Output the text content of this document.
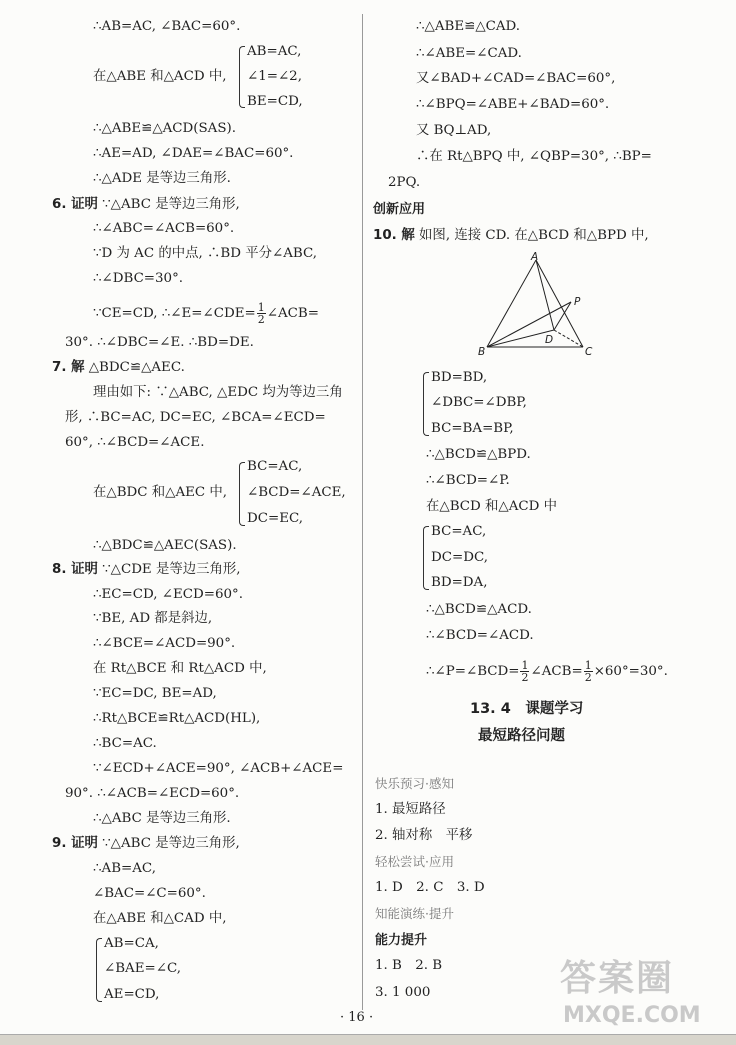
∴AB=AC, ∠BAC=60°.
在△ABE 和△ACD 中,
AB=AC,
∠1=∠2,
BE=CD,
∴△ABE≌△ACD(SAS).
∴AE=AD, ∠DAE=∠BAC=60°.
∴△ADE 是等边三角形.
6. 证明 ∵△ABC 是等边三角形,
∴∠ABC=∠ACB=60°.
∵D 为 AC 的中点, ∴BD 平分∠ABC,
∴∠DBC=30°.
∵CE=CD, ∴∠E=∠CDE= $\frac{1}{2}$ ∠ACB=
30°. ∴∠DBC=∠E. ∴BD=DE.
7. 解 △BDC≌△AEC.
理由如下: ∵△ABC, △EDC 均为等边三角
形, ∴BC=AC, DC=EC, ∠BCA=∠ECD=
60°, ∴∠BCD=∠ACE.
在△BDC 和△AEC 中,
BC=AC,
∠BCD=∠ACE,
DC=EC,
∴△BDC≌△AEC(SAS).
8. 证明 ∵△CDE 是等边三角形,
∴EC=CD, ∠ECD=60°.
∵BE, AD 都是斜边,
∴∠BCE=∠ACD=90°.
在 Rt△BCE 和 Rt△ACD 中,
∵EC=DC, BE=AD,
∴Rt△BCE≌Rt△ACD(HL),
∴BC=AC.
∵∠ECD+∠ACE=90°, ∠ACB+∠ACE=
90°. ∴∠ACB=∠ECD=60°.
∴△ABC 是等边三角形.
9. 证明 ∵△ABC 是等边三角形,
∴AB=AC,
∠BAC=∠C=60°.
在△ABE 和△CAD 中,
AB=CA,
∠BAE=∠C,
AE=CD,
∴△ABE≌△CAD.
∴∠ABE=∠CAD.
又∠BAD+∠CAD=∠BAC=60°,
∴∠BPQ=∠ABE+∠BAD=60°.
又 BQ⊥AD,
∴在 Rt△BPQ 中, ∠QBP=30°, ∴BP=
2PQ.
创新应用
10. 解 如图, 连接 CD. 在△BCD 和△BPD 中,
A
B	C
D
P
BD=BD,
∠DBC=∠DBP,
BC=BA=BP,
∴△BCD≌△BPD.
∴∠BCD=∠P.
在△BCD 和△ACD 中
BC=AC,
DC=DC,
BD=DA,
∴△BCD≌△ACD.
∴∠BCD=∠ACD.
∴∠P=∠BCD= $\frac{1}{2}$ ∠ACB= $\frac{1}{2} \times 60^\circ=30^\circ$.
13. 4　课题学习
最短路径问题
快乐预习·感知
1. 最短路径
2. 轴对称　平移
轻松尝试·应用
1. D　2. C　3. D
知能演练·提升
能力提升
1. B　2. B
3. 1 000	答案圈
MXQE.COM
· 16 ·
